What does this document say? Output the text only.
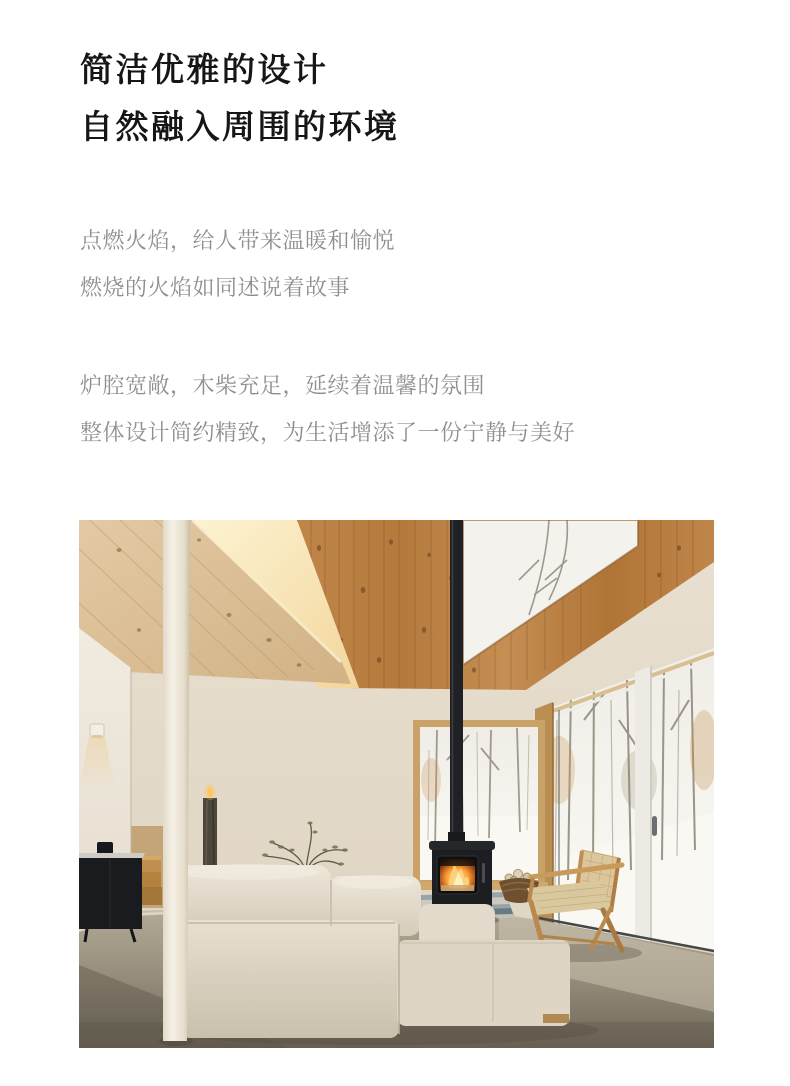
简洁优雅的设计
自然融入周围的环境

点燃火焰，给人带来温暖和愉悦
燃烧的火焰如同述说着故事

炉腔宽敞，木柴充足，延续着温馨的氛围
整体设计简约精致，为生活增添了一份宁静与美好
